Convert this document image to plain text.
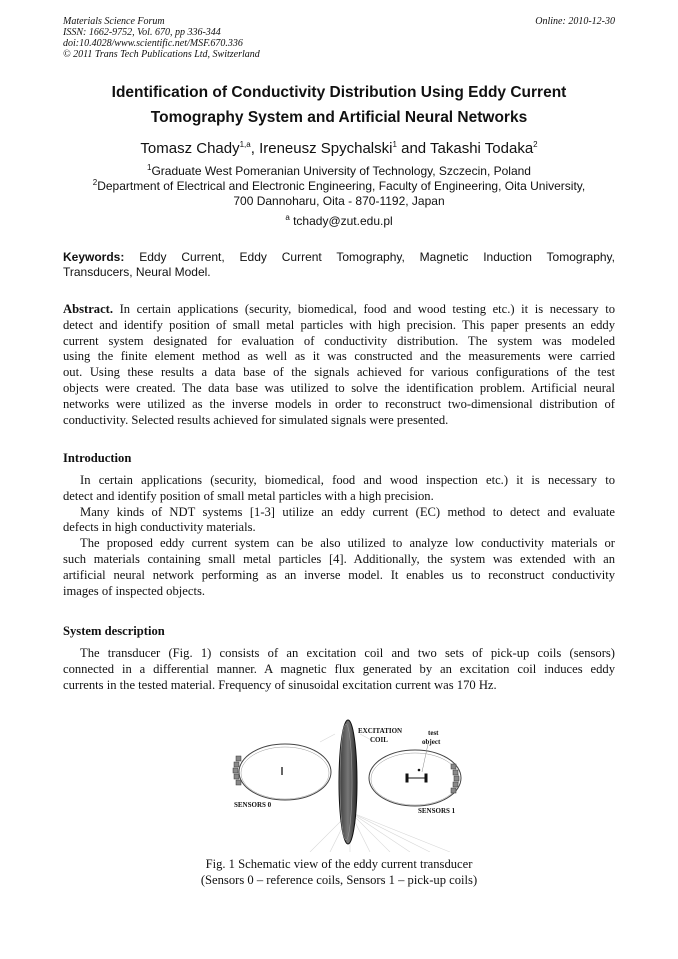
Materials Science Forum
ISSN: 1662-9752, Vol. 670, pp 336-344
doi:10.4028/www.scientific.net/MSF.670.336
© 2011 Trans Tech Publications Ltd, Switzerland
Online: 2010-12-30
Identification of Conductivity Distribution Using Eddy Current
Tomography System and Artificial Neural Networks
Tomasz Chady$^{1,a}$, Ireneusz Spychalski$^1$ and Takashi Todaka$^2$
$^1$Graduate West Pomeranian University of Technology, Szczecin, Poland
$^2$Department of Electrical and Electronic Engineering, Faculty of Engineering, Oita University,
700 Dannoharu, Oita - 870-1192, Japan
$^a$ tchady@zut.edu.pl
Keywords: Eddy Current, Eddy Current Tomography, Magnetic Induction Tomography,
Transducers, Neural Model.
Abstract. In certain applications (security, biomedical, food and wood testing etc.) it is necessary to
detect and identify position of small metal particles with high precision. This paper presents an eddy
current system designated for evaluation of conductivity distribution. The system was modeled
using the finite element method as well as it was constructed and the measurements were carried
out. Using these results a data base of the signals achieved for various configurations of the test
objects were created. The data base was utilized to solve the identification problem. Artificial neural
networks were utilized as the inverse models in order to reconstruct two-dimensional distribution of
conductivity. Selected results achieved for simulated signals were presented.
Introduction
In certain applications (security, biomedical, food and wood inspection etc.) it is necessary to
detect and identify position of small metal particles with a high precision.
Many kinds of NDT systems [1-3] utilize an eddy current (EC) method to detect and evaluate
defects in high conductivity materials.
The proposed eddy current system can be also utilized to analyze low conductivity materials or
such materials containing small metal particles [4]. Additionally, the system was extended with an
artificial neural network performing as an inverse model. It enables us to reconstruct conductivity
images of inspected objects.
System description
The transducer (Fig. 1) consists of an excitation coil and two sets of pick-up coils (sensors)
connected in a differential manner. A magnetic flux generated by an excitation coil induces eddy
currents in the tested material. Frequency of sinusoidal excitation current was 170 Hz.
EXCITATION
COIL
test
object
SENSORS 0
SENSORS 1
Fig. 1 Schematic view of the eddy current transducer
(Sensors 0 – reference coils, Sensors 1 – pick-up coils)
